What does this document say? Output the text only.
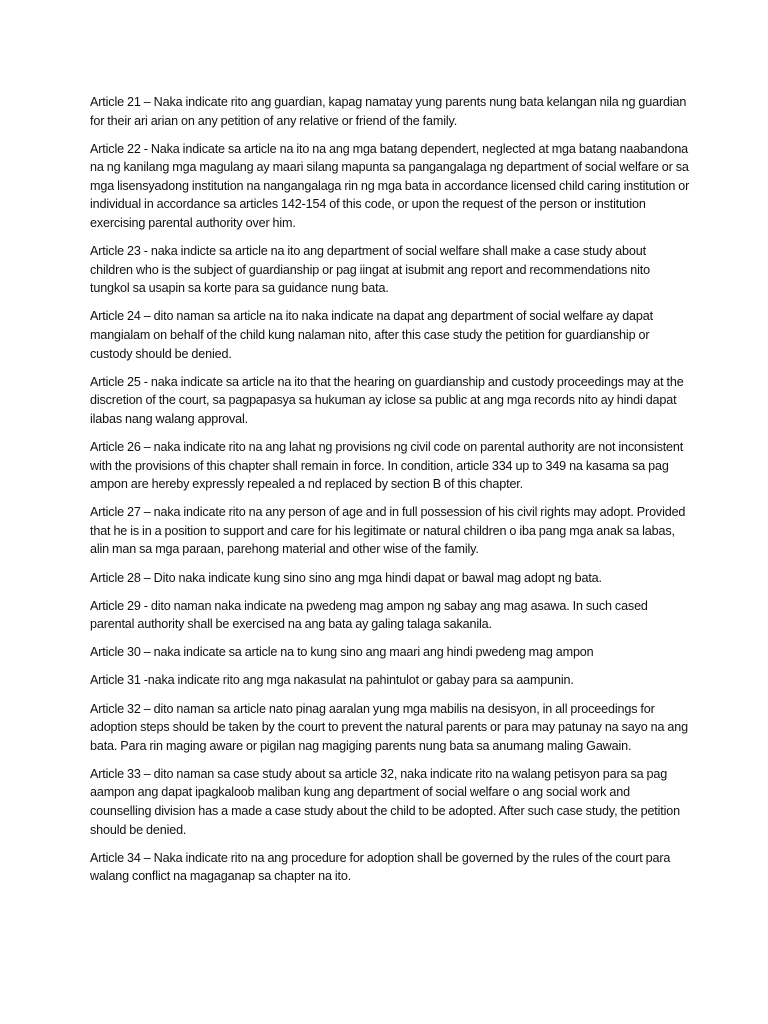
Article 21 – Naka indicate rito ang guardian, kapag namatay yung parents nung bata kelangan nila ng guardian for their ari arian on any petition of any relative or friend of the family.

Article 22 - Naka indicate sa article na ito na ang mga batang dependert, neglected at mga batang naabandona na ng kanilang mga magulang ay maari silang mapunta sa pangangalaga ng department of social welfare or sa mga lisensyadong institution na nangangalaga rin ng mga bata in accordance licensed child caring institution or individual in accordance sa articles 142-154 of this code, or upon the request of the person or institution exercising parental authority over him.

Article 23 - naka indicte sa article na ito ang department of social welfare shall make a case study about children who is the subject of guardianship or pag iingat at isubmit ang report and recommendations nito tungkol sa usapin sa korte para sa guidance nung bata.

Article 24 – dito naman sa article na ito naka indicate na dapat ang department of social welfare ay dapat mangialam on behalf of the child kung nalaman nito, after this case study the petition for guardianship or custody should be denied.

Article 25 - naka indicate sa article na ito that the hearing on guardianship and custody proceedings may at the discretion of the court, sa pagpapasya sa hukuman ay iclose sa public at ang mga records nito ay hindi dapat ilabas nang walang approval.

Article 26 – naka indicate rito na ang lahat ng provisions ng civil code on parental authority are not inconsistent with the provisions of this chapter shall remain in force. In condition, article 334 up to 349 na kasama sa pag ampon are hereby expressly repealed a nd replaced by section B of this chapter.

Article 27 – naka indicate rito na any person of age and in full possession of his civil rights may adopt. Provided that he is in a position to support and care for his legitimate or natural children o iba pang mga anak sa labas, alin man sa mga paraan, parehong material and other wise of the family.

Article 28 – Dito naka indicate kung sino sino ang mga hindi dapat or bawal mag adopt ng bata.

Article 29 - dito naman naka indicate na pwedeng mag ampon ng sabay ang mag asawa. In such cased parental authority shall be exercised na ang bata ay galing talaga sakanila.

Article 30 – naka indicate sa article na to kung sino ang maari ang hindi pwedeng mag ampon

Article 31 -naka indicate rito ang mga nakasulat na pahintulot or gabay para sa aampunin.

Article 32 – dito naman sa article nato pinag aaralan yung mga mabilis na desisyon, in all proceedings for adoption steps should be taken by the court to prevent the natural parents or para may patunay na sayo na ang bata. Para rin maging aware or pigilan nag magiging parents nung bata sa anumang maling Gawain.

Article 33 – dito naman sa case study about sa article 32, naka indicate rito na walang petisyon para sa pag aampon ang dapat ipagkaloob maliban kung ang department of social welfare o ang social work and counselling division has a made a case study about the child to be adopted. After such case study, the petition should be denied.

Article 34 – Naka indicate rito na ang procedure for adoption shall be governed by the rules of the court para walang conflict na magaganap sa chapter na ito.
